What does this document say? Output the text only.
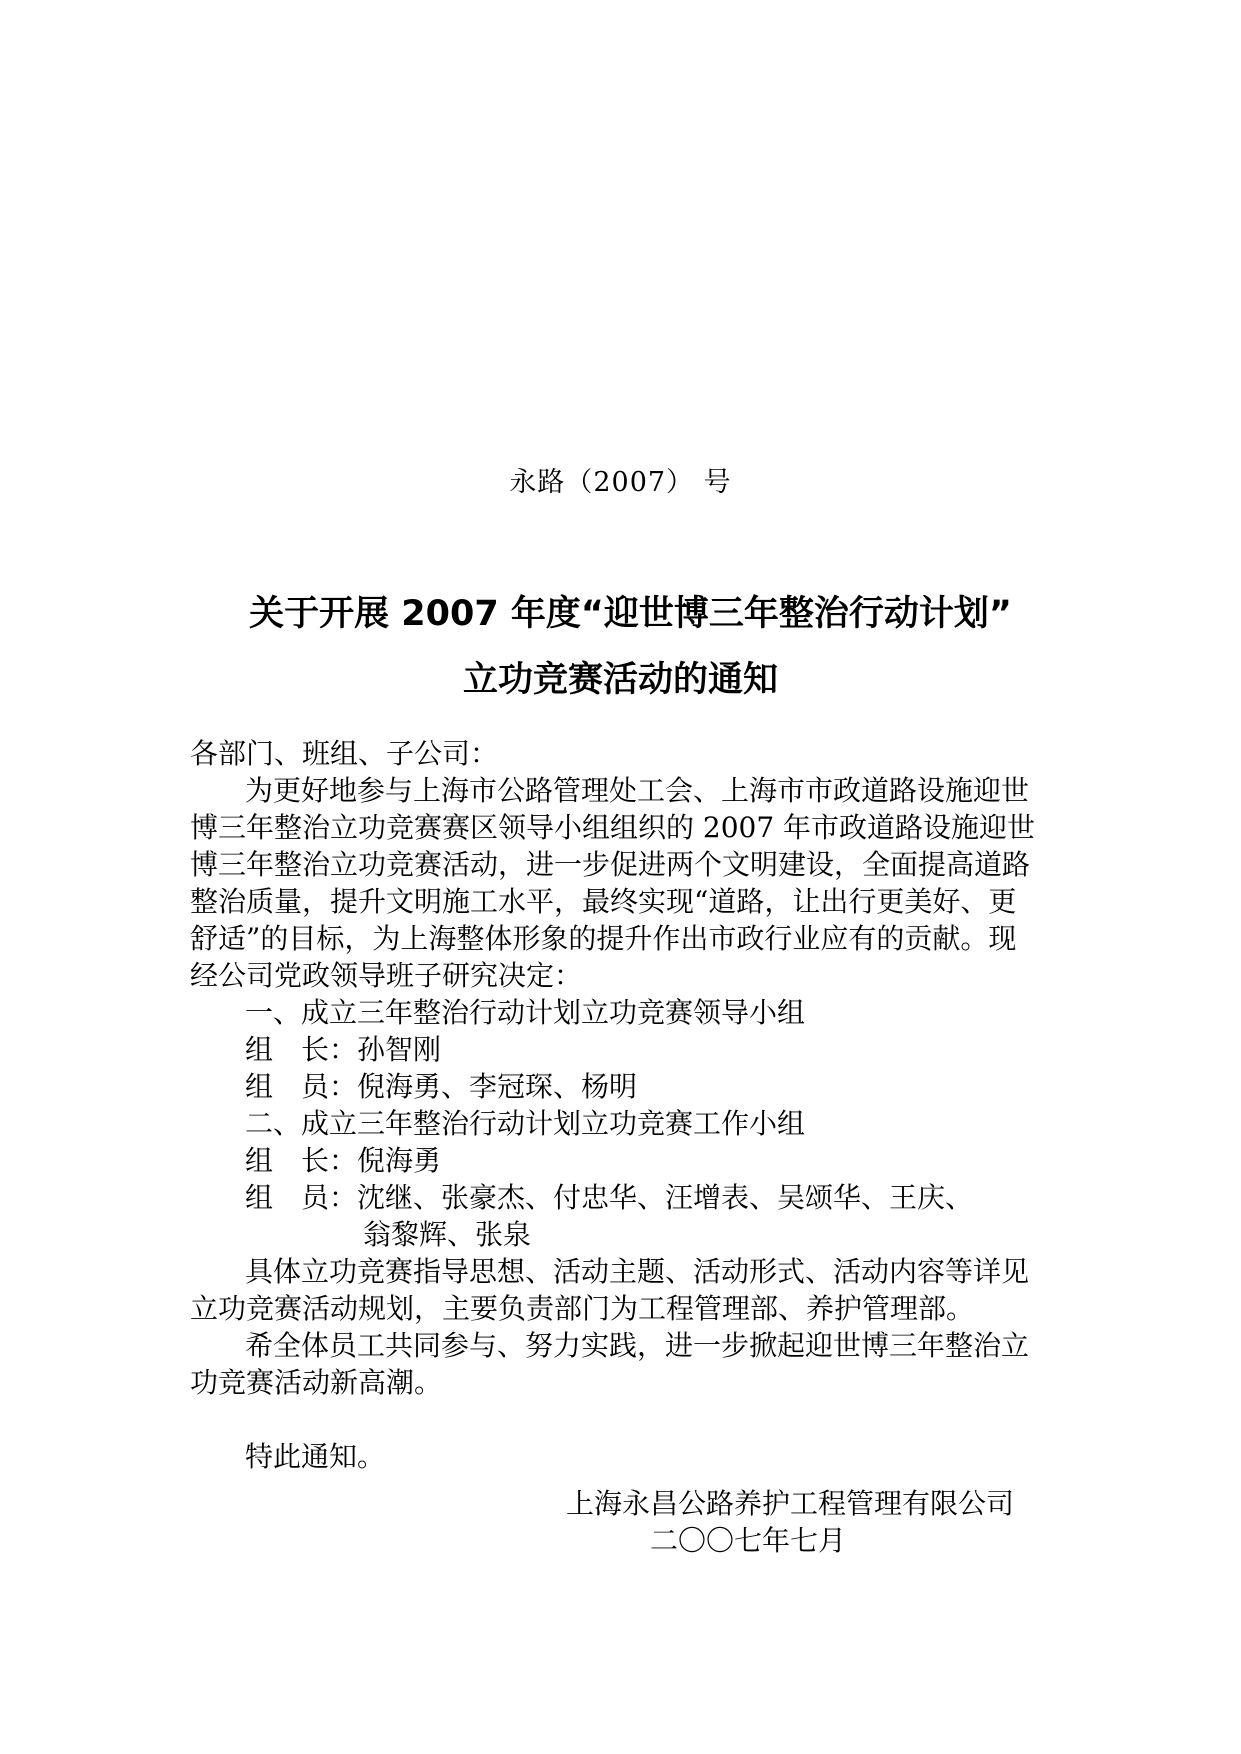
永路（2007） 号
关于开展 2007 年度“迎世博三年整治行动计划”
立功竞赛活动的通知
各部门、班组、子公司：
为更好地参与上海市公路管理处工会、上海市市政道路设施迎世
博三年整治立功竞赛赛区领导小组组织的 2007 年市政道路设施迎世
博三年整治立功竞赛活动，进一步促进两个文明建设，全面提高道路
整治质量，提升文明施工水平，最终实现“道路，让出行更美好、更
舒适”的目标，为上海整体形象的提升作出市政行业应有的贡献。现
经公司党政领导班子研究决定：
一、成立三年整治行动计划立功竞赛领导小组
组　长：孙智刚
组　员：倪海勇、李冠琛、杨明
二、成立三年整治行动计划立功竞赛工作小组
组　长：倪海勇
组　员：沈继、张豪杰、付忠华、汪增表、吴颂华、王庆、
翁黎辉、张泉
具体立功竞赛指导思想、活动主题、活动形式、活动内容等详见
立功竞赛活动规划，主要负责部门为工程管理部、养护管理部。
希全体员工共同参与、努力实践，进一步掀起迎世博三年整治立
功竞赛活动新高潮。
特此通知。
上海永昌公路养护工程管理有限公司
二〇〇七年七月
